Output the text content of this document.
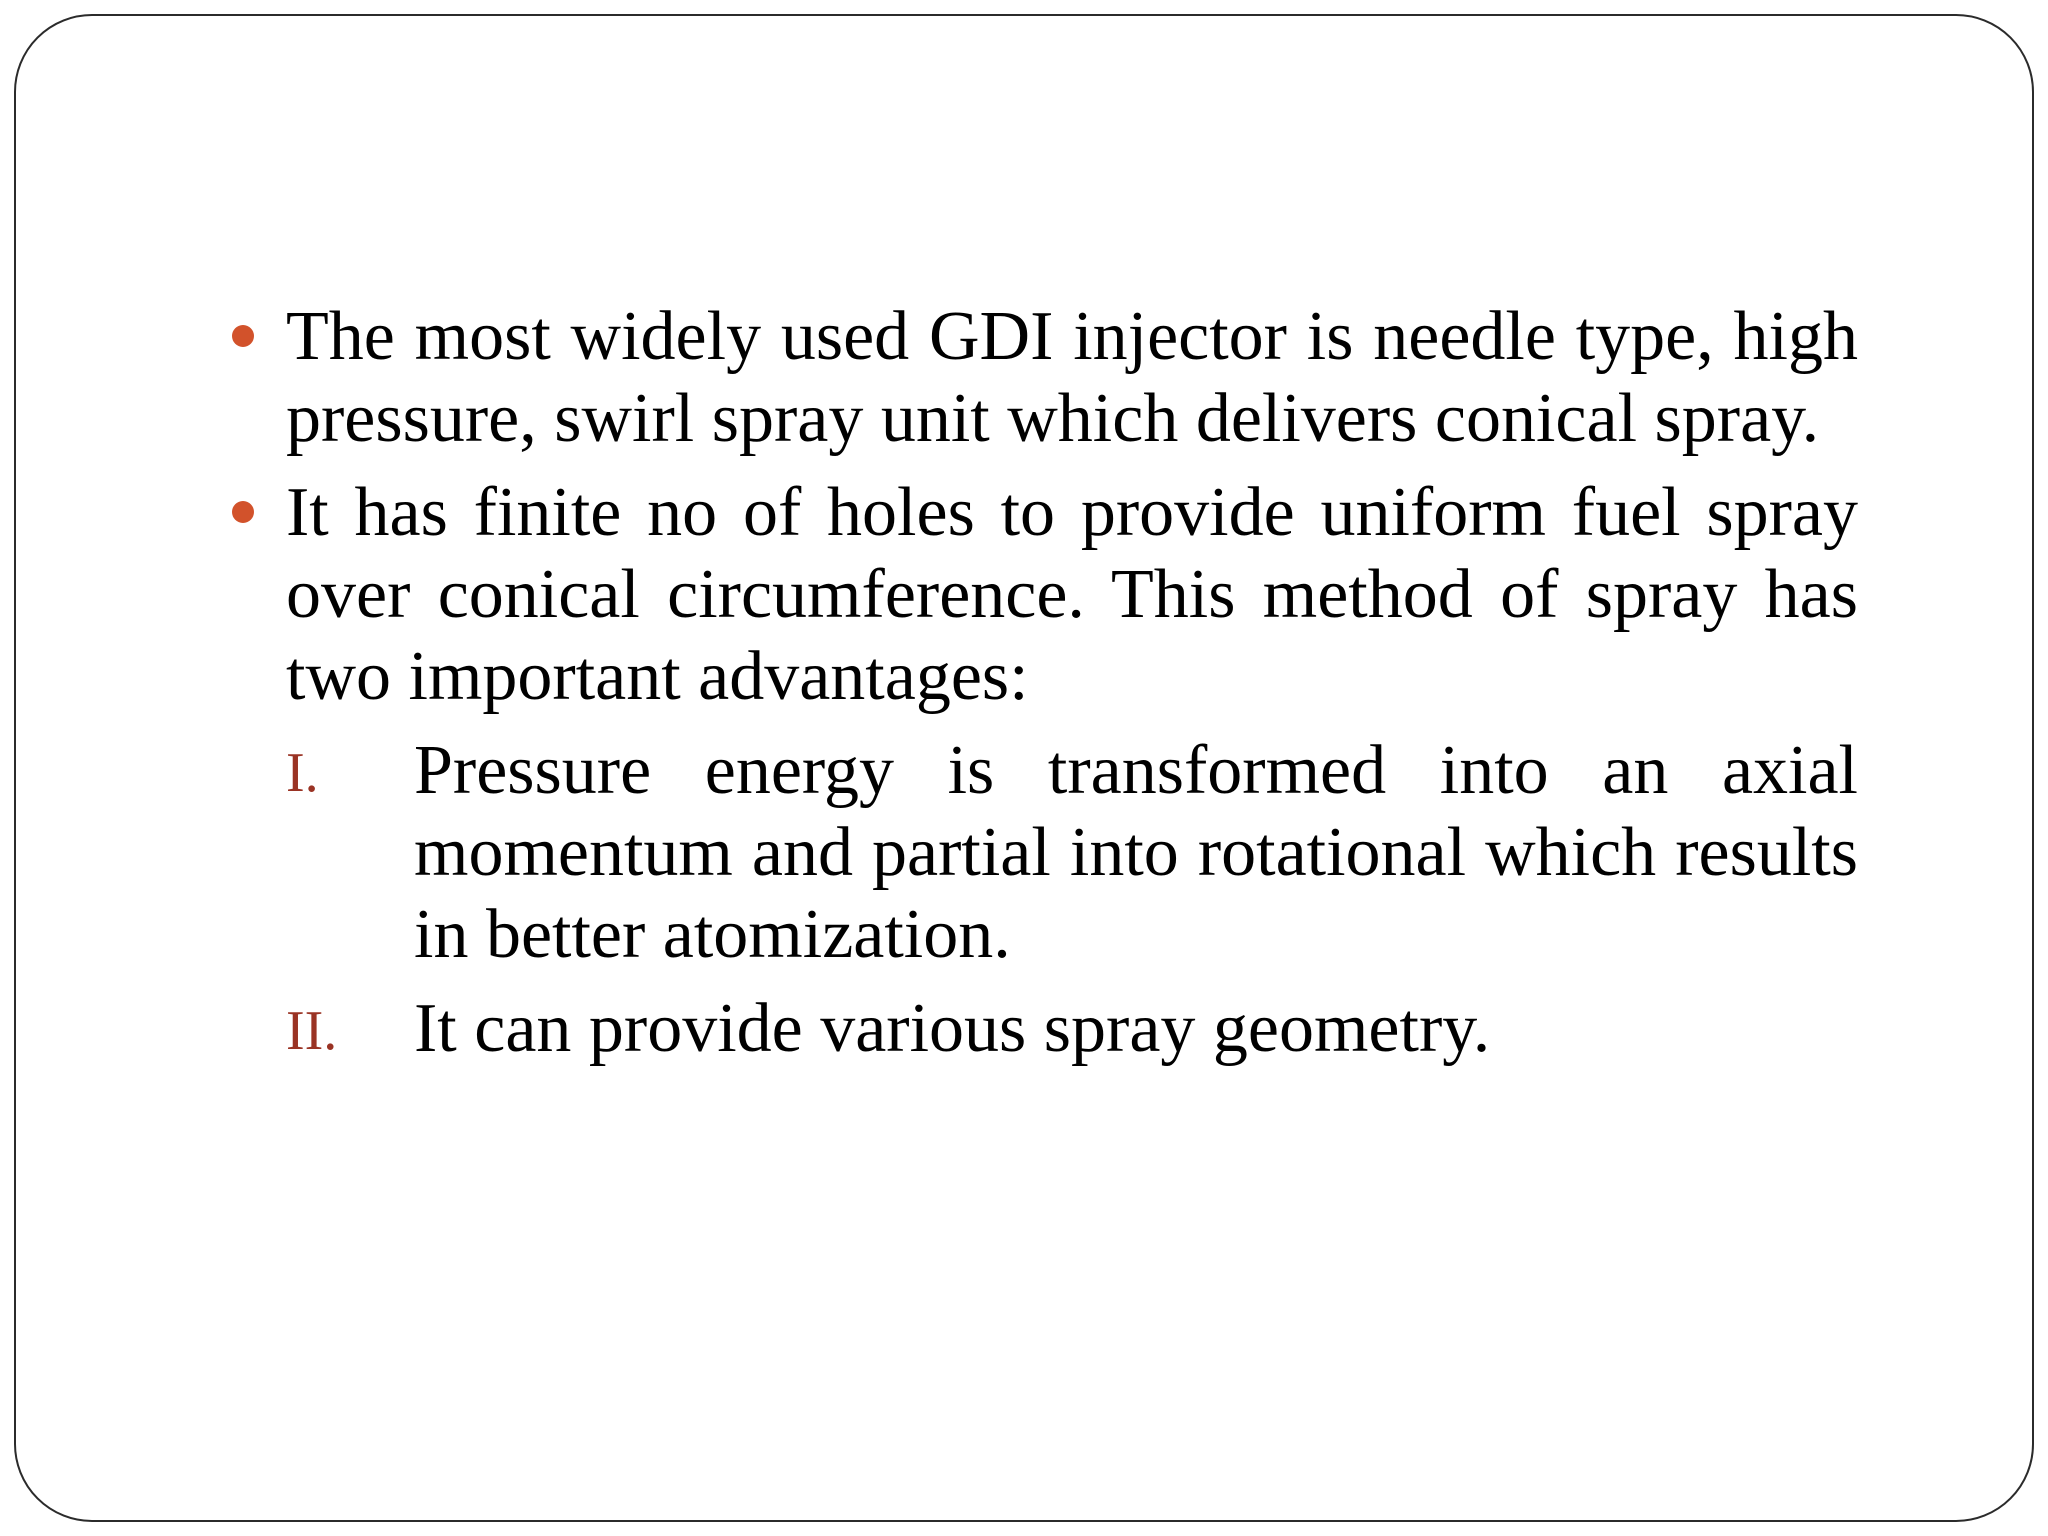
The most widely used GDI injector is needle type, high pressure, swirl spray unit which delivers conical spray.
It has finite no of holes to provide uniform fuel spray over conical circumference. This method of spray has two important advantages:
I. Pressure energy is transformed into an axial momentum and partial into rotational which results in better atomization.
II. It can provide various spray geometry.
